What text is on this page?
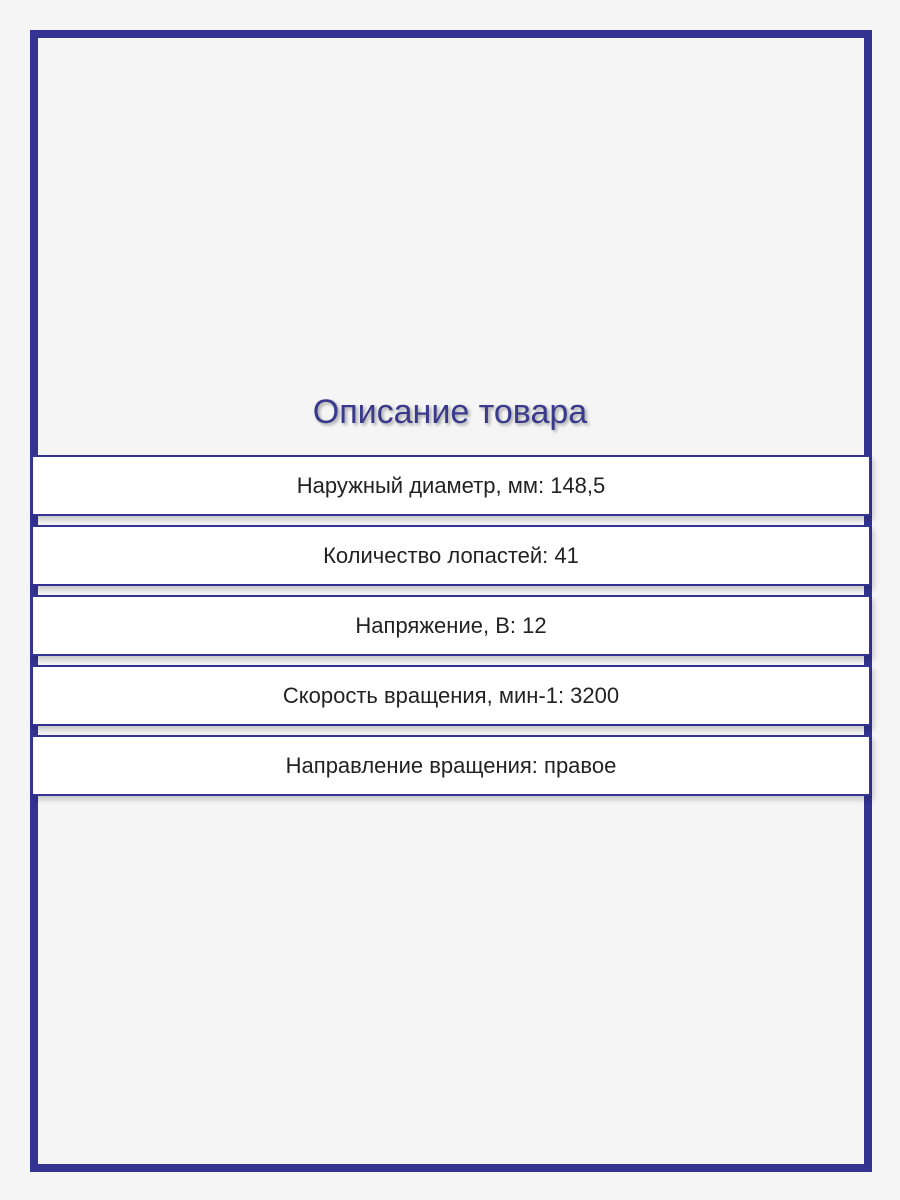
Описание товара
Наружный диаметр, мм: 148,5
Количество лопастей: 41
Напряжение, В: 12
Скорость вращения, мин-1: 3200
Направление вращения: правое
